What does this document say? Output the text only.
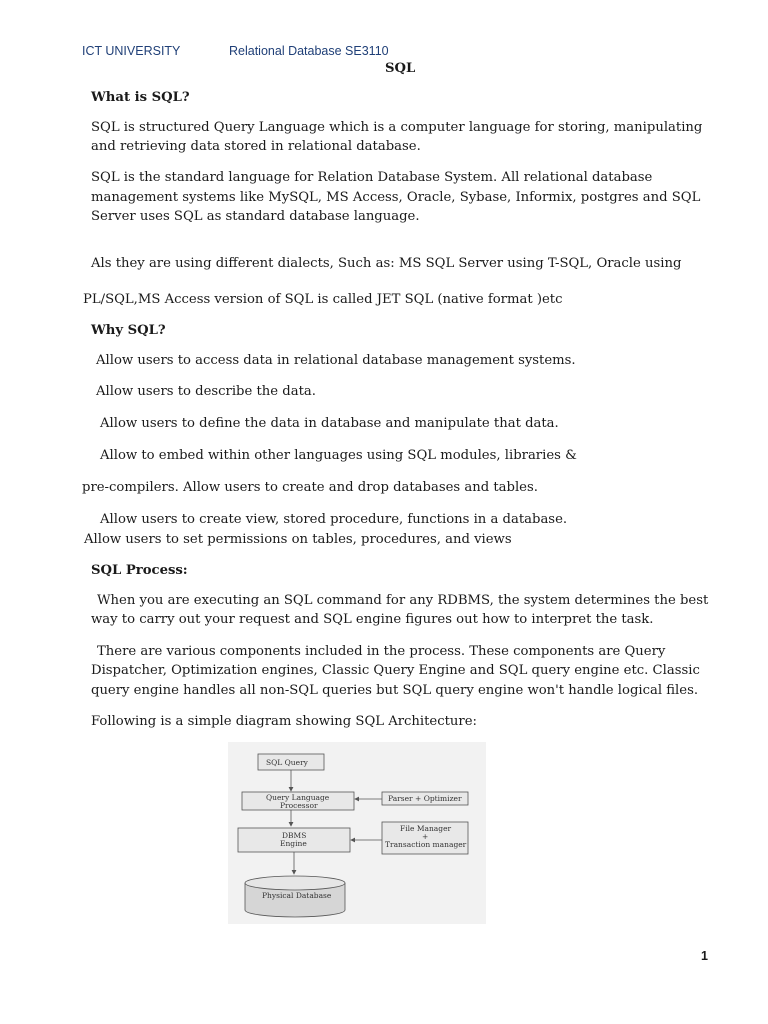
ICT UNIVERSITY	Relational Database SE3110
SQL
What is SQL?
SQL is structured Query Language which is a computer language for storing, manipulating
and retrieving data stored in relational database.
SQL is the standard language for Relation Database System. All relational database
management systems like MySQL, MS Access, Oracle, Sybase, Informix, postgres and SQL
Server uses SQL as standard database language.
Als they are using different dialects, Such as: MS SQL Server using T-SQL, Oracle using
PL/SQL,MS Access version of SQL is called JET SQL (native format )etc
Why SQL?
Allow users to access data in relational database management systems.
Allow users to describe the data.
Allow users to define the data in database and manipulate that data.
Allow to embed within other languages using SQL modules, libraries &
pre-compilers. Allow users to create and drop databases and tables.
Allow users to create view, stored procedure, functions in a database.
Allow users to set permissions on tables, procedures, and views
SQL Process:
When you are executing an SQL command for any RDBMS, the system determines the best
way to carry out your request and SQL engine figures out how to interpret the task.
There are various components included in the process. These components are Query
Dispatcher, Optimization engines, Classic Query Engine and SQL query engine etc. Classic
query engine handles all non-SQL queries but SQL query engine won't handle logical files.
Following is a simple diagram showing SQL Architecture:
SQL Query
Query Language
Processor
Parser + Optimizer
DBMS
Engine
File Manager
+
Transaction manager
Physical Database
1
